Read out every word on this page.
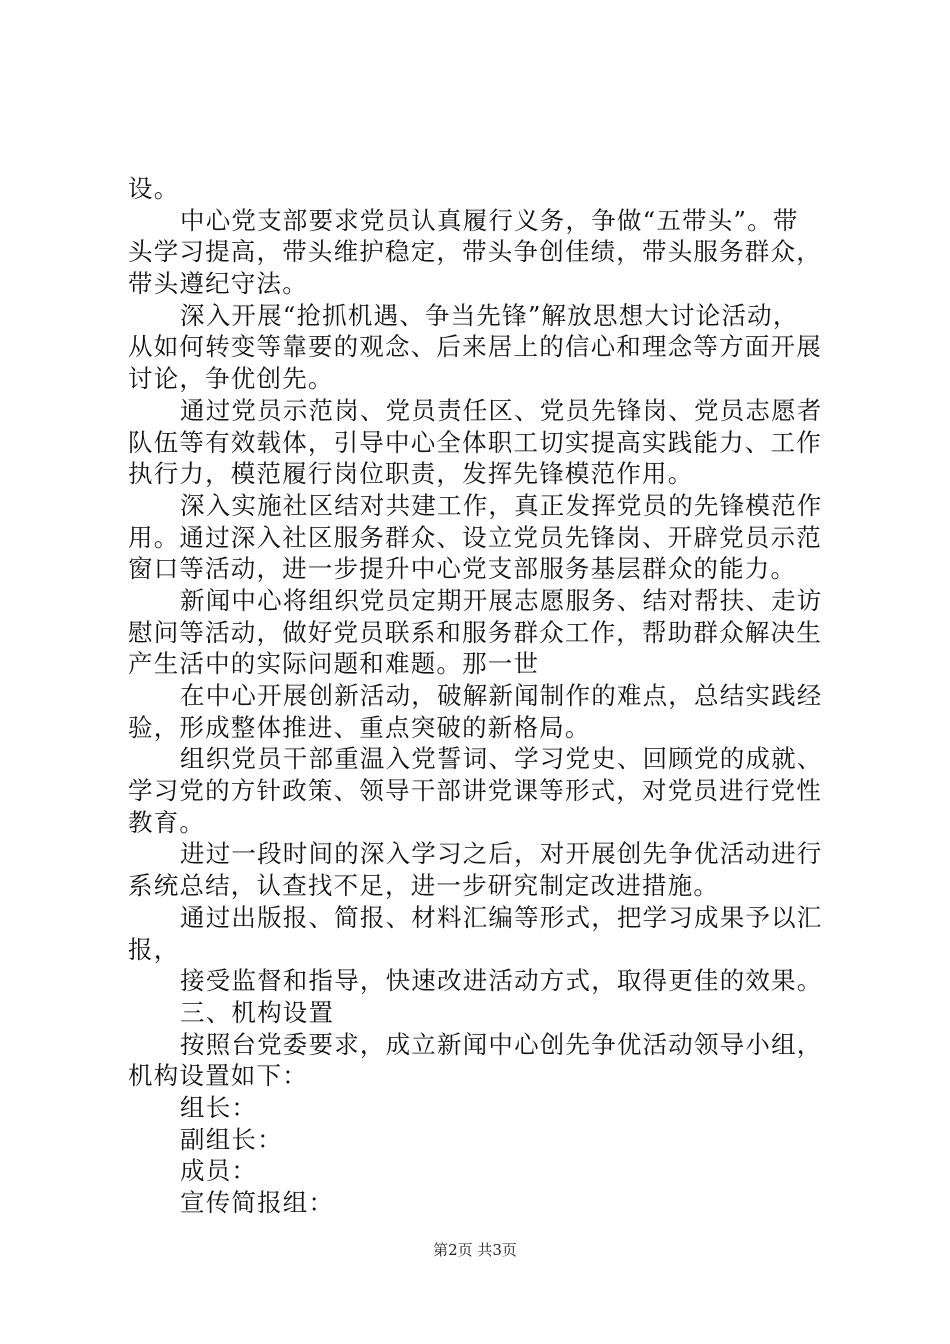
设。
中心党支部要求党员认真履行义务，争做“五带头”。带
头学习提高，带头维护稳定，带头争创佳绩，带头服务群众，
带头遵纪守法。
深入开展“抢抓机遇、争当先锋”解放思想大讨论活动，
从如何转变等靠要的观念、后来居上的信心和理念等方面开展
讨论，争优创先。
通过党员示范岗、党员责任区、党员先锋岗、党员志愿者
队伍等有效载体，引导中心全体职工切实提高实践能力、工作
执行力，模范履行岗位职责，发挥先锋模范作用。
深入实施社区结对共建工作，真正发挥党员的先锋模范作
用。通过深入社区服务群众、设立党员先锋岗、开辟党员示范
窗口等活动，进一步提升中心党支部服务基层群众的能力。
新闻中心将组织党员定期开展志愿服务、结对帮扶、走访
慰问等活动，做好党员联系和服务群众工作，帮助群众解决生
产生活中的实际问题和难题。那一世
在中心开展创新活动，破解新闻制作的难点，总结实践经
验，形成整体推进、重点突破的新格局。
组织党员干部重温入党誓词、学习党史、回顾党的成就、
学习党的方针政策、领导干部讲党课等形式，对党员进行党性
教育。
进过一段时间的深入学习之后，对开展创先争优活动进行
系统总结，认查找不足，进一步研究制定改进措施。
通过出版报、简报、材料汇编等形式，把学习成果予以汇
报，
接受监督和指导，快速改进活动方式，取得更佳的效果。
三、机构设置
按照台党委要求，成立新闻中心创先争优活动领导小组，
机构设置如下：
组长：
副组长：
成员：
宣传简报组：
第2页 共3页
